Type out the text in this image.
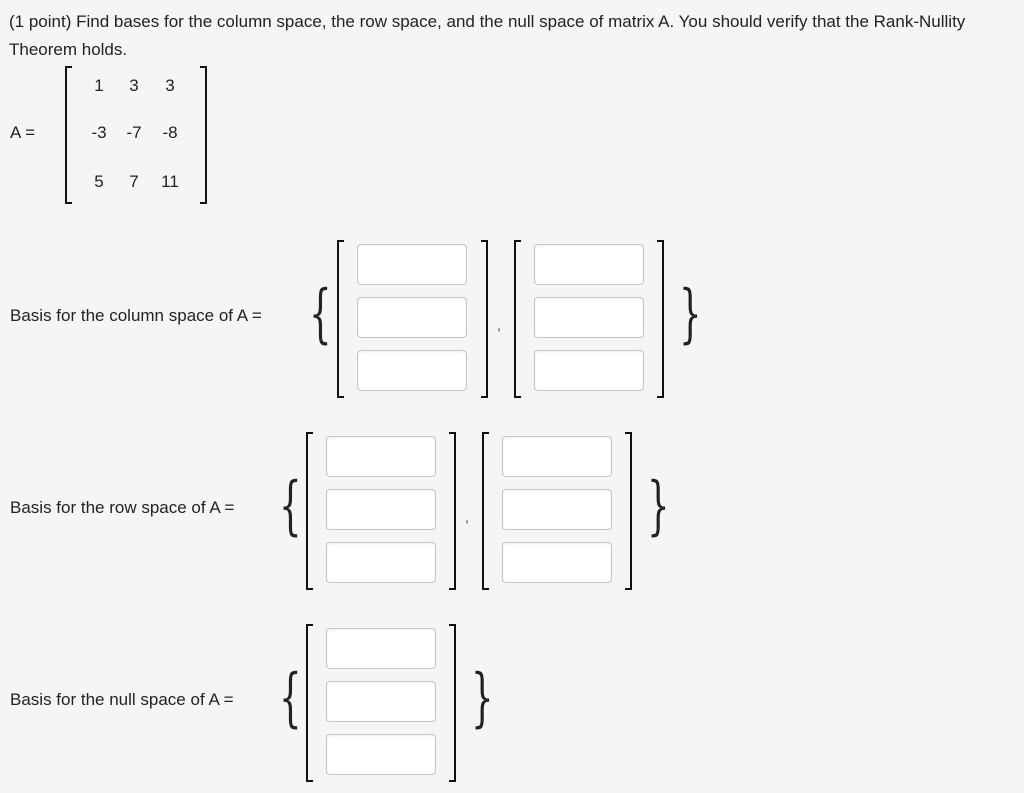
(1 point) Find bases for the column space, the row space, and the null space of matrix A. You should verify that the Rank-Nullity Theorem holds.
A =
1	3	3
-3	-7	-8
5	7	11
Basis for the column space of A = {	,	}
Basis for the row space of A = {	,	}
Basis for the null space of A = {	}
